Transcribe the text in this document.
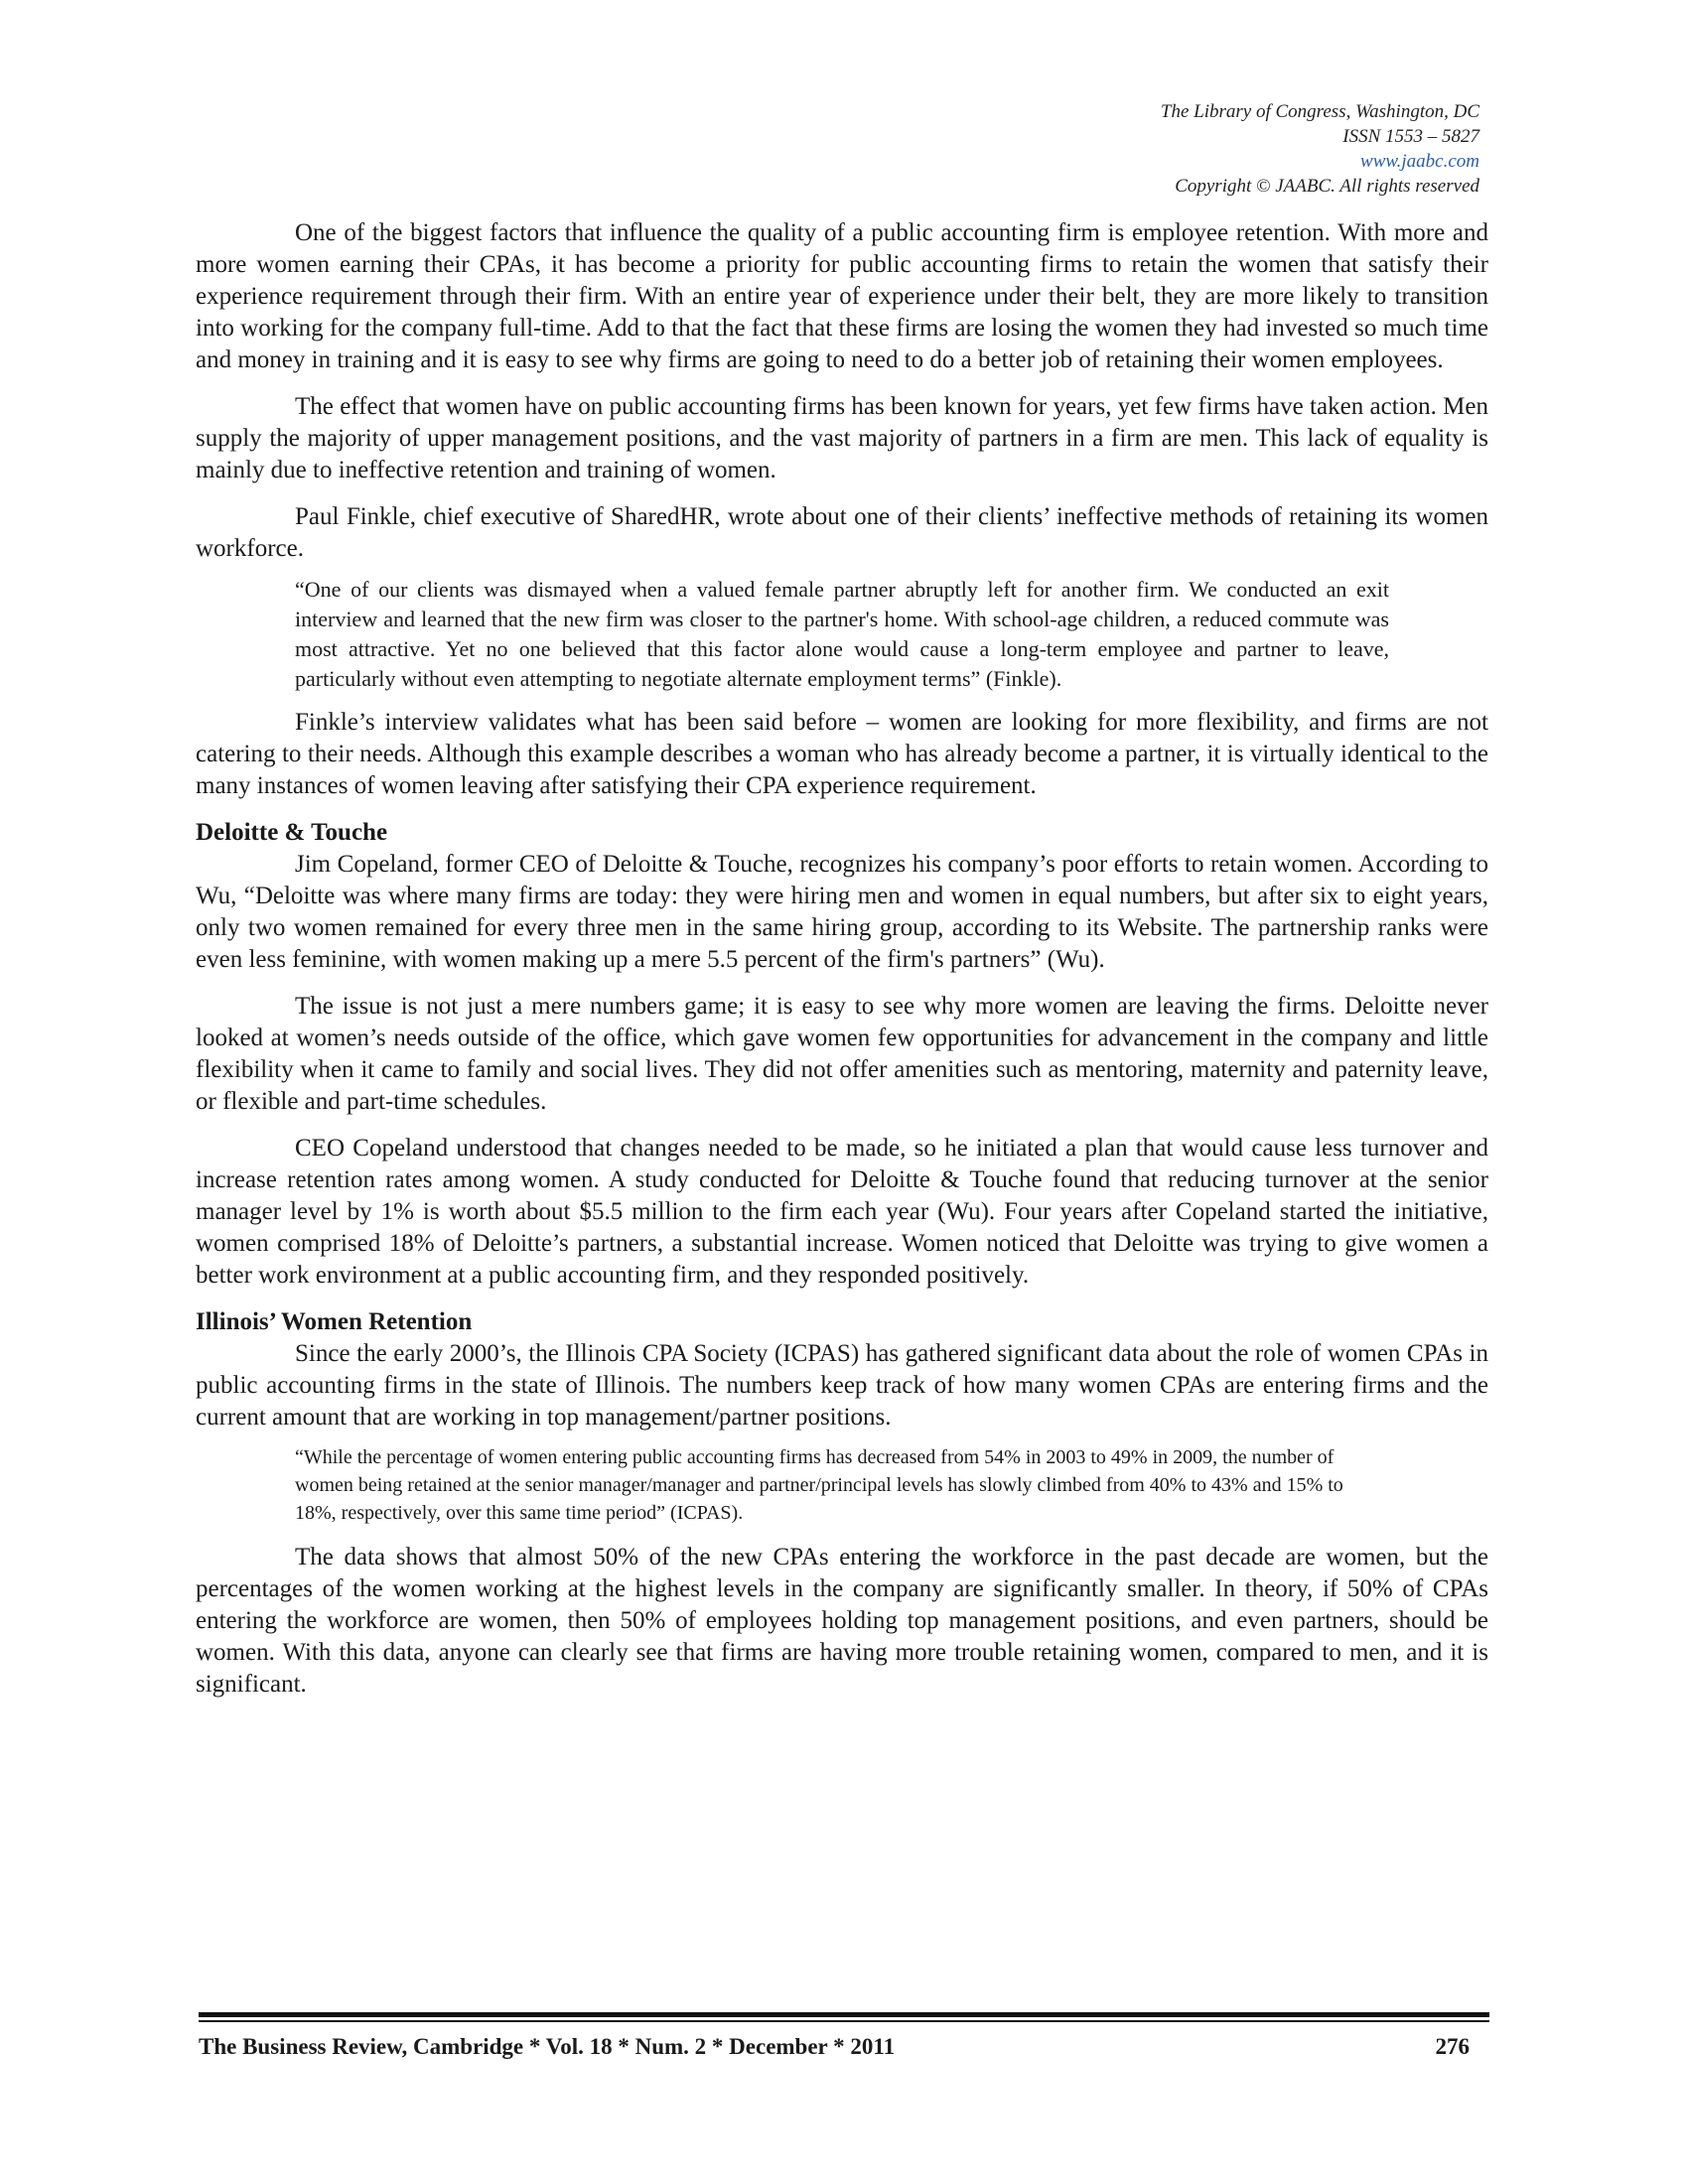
The Library of Congress, Washington, DC
ISSN 1553 – 5827
www.jaabc.com
Copyright © JAABC. All rights reserved

One of the biggest factors that influence the quality of a public accounting firm is employee retention. With more and more women earning their CPAs, it has become a priority for public accounting firms to retain the women that satisfy their experience requirement through their firm. With an entire year of experience under their belt, they are more likely to transition into working for the company full-time. Add to that the fact that these firms are losing the women they had invested so much time and money in training and it is easy to see why firms are going to need to do a better job of retaining their women employees.

The effect that women have on public accounting firms has been known for years, yet few firms have taken action. Men supply the majority of upper management positions, and the vast majority of partners in a firm are men. This lack of equality is mainly due to ineffective retention and training of women.

Paul Finkle, chief executive of SharedHR, wrote about one of their clients’ ineffective methods of retaining its women workforce.

“One of our clients was dismayed when a valued female partner abruptly left for another firm. We conducted an exit interview and learned that the new firm was closer to the partner's home. With school-age children, a reduced commute was most attractive. Yet no one believed that this factor alone would cause a long-term employee and partner to leave, particularly without even attempting to negotiate alternate employment terms” (Finkle).

Finkle’s interview validates what has been said before – women are looking for more flexibility, and firms are not catering to their needs. Although this example describes a woman who has already become a partner, it is virtually identical to the many instances of women leaving after satisfying their CPA experience requirement.

Deloitte & Touche

Jim Copeland, former CEO of Deloitte & Touche, recognizes his company’s poor efforts to retain women. According to Wu, “Deloitte was where many firms are today: they were hiring men and women in equal numbers, but after six to eight years, only two women remained for every three men in the same hiring group, according to its Website. The partnership ranks were even less feminine, with women making up a mere 5.5 percent of the firm's partners” (Wu).

The issue is not just a mere numbers game; it is easy to see why more women are leaving the firms. Deloitte never looked at women’s needs outside of the office, which gave women few opportunities for advancement in the company and little flexibility when it came to family and social lives. They did not offer amenities such as mentoring, maternity and paternity leave, or flexible and part-time schedules.

CEO Copeland understood that changes needed to be made, so he initiated a plan that would cause less turnover and increase retention rates among women. A study conducted for Deloitte & Touche found that reducing turnover at the senior manager level by 1% is worth about $5.5 million to the firm each year (Wu). Four years after Copeland started the initiative, women comprised 18% of Deloitte’s partners, a substantial increase. Women noticed that Deloitte was trying to give women a better work environment at a public accounting firm, and they responded positively.

Illinois’ Women Retention

Since the early 2000’s, the Illinois CPA Society (ICPAS) has gathered significant data about the role of women CPAs in public accounting firms in the state of Illinois. The numbers keep track of how many women CPAs are entering firms and the current amount that are working in top management/partner positions.

“While the percentage of women entering public accounting firms has decreased from 54% in 2003 to 49% in 2009, the number of women being retained at the senior manager/manager and partner/principal levels has slowly climbed from 40% to 43% and 15% to 18%, respectively, over this same time period” (ICPAS).

The data shows that almost 50% of the new CPAs entering the workforce in the past decade are women, but the percentages of the women working at the highest levels in the company are significantly smaller. In theory, if 50% of CPAs entering the workforce are women, then 50% of employees holding top management positions, and even partners, should be women. With this data, anyone can clearly see that firms are having more trouble retaining women, compared to men, and it is significant.

The Business Review, Cambridge * Vol. 18 * Num. 2 * December * 2011	276
